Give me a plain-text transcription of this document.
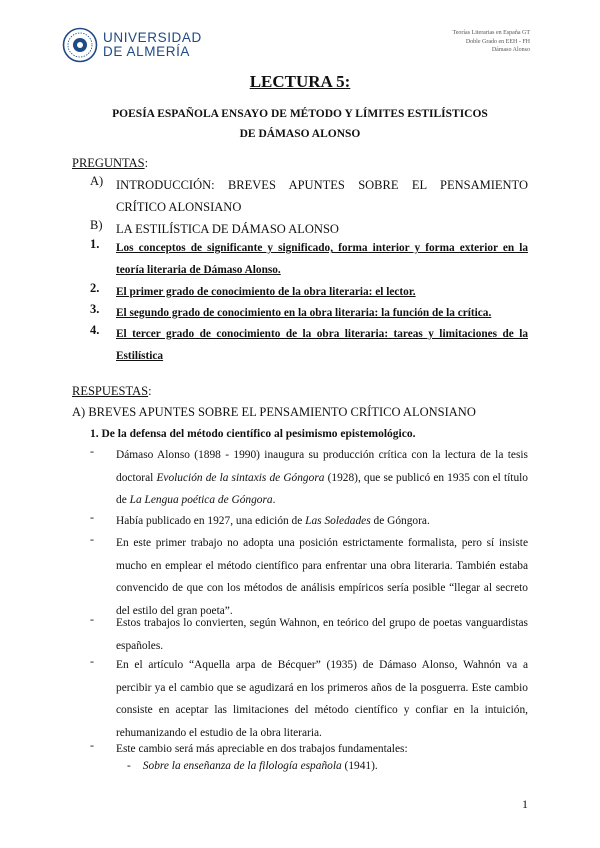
UNIVERSIDAD
DE ALMERÍA
Teorías Literarias en España GT
Doble Grado en EEH - FH
Dámaso Alonso
LECTURA 5:
POESÍA ESPAÑOLA ENSAYO DE MÉTODO Y LÍMITES ESTILÍSTICOS
DE DÁMASO ALONSO
PREGUNTAS:
A) INTRODUCCIÓN: BREVES APUNTES SOBRE EL PENSAMIENTO CRÍTICO ALONSIANO
B) LA ESTILÍSTICA DE DÁMASO ALONSO
1. Los conceptos de significante y significado, forma interior y forma exterior en la teoría literaria de Dámaso Alonso.
2. El primer grado de conocimiento de la obra literaria: el lector.
3. El segundo grado de conocimiento en la obra literaria: la función de la crítica.
4. El tercer grado de conocimiento de la obra literaria: tareas y limitaciones de la Estilística
RESPUESTAS:
A) BREVES APUNTES SOBRE EL PENSAMIENTO CRÍTICO ALONSIANO
1. De la defensa del método científico al pesimismo epistemológico.
- Dámaso Alonso (1898 - 1990) inaugura su producción crítica con la lectura de la tesis doctoral Evolución de la sintaxis de Góngora (1928), que se publicó en 1935 con el título de La Lengua poética de Góngora.
- Había publicado en 1927, una edición de Las Soledades de Góngora.
- En este primer trabajo no adopta una posición estrictamente formalista, pero sí insiste mucho en emplear el método científico para enfrentar una obra literaria. También estaba convencido de que con los métodos de análisis empíricos sería posible “llegar al secreto del estilo del gran poeta”.
- Estos trabajos lo convierten, según Wahnon, en teórico del grupo de poetas vanguardistas españoles.
- En el artículo “Aquella arpa de Bécquer” (1935) de Dámaso Alonso, Wahnón va a percibir ya el cambio que se agudizará en los primeros años de la posguerra. Este cambio consiste en aceptar las limitaciones del método científico y confiar en la intuición, rehumanizando el estudio de la obra literaria.
- Este cambio será más apreciable en dos trabajos fundamentales:
- Sobre la enseñanza de la filología española (1941).
1
